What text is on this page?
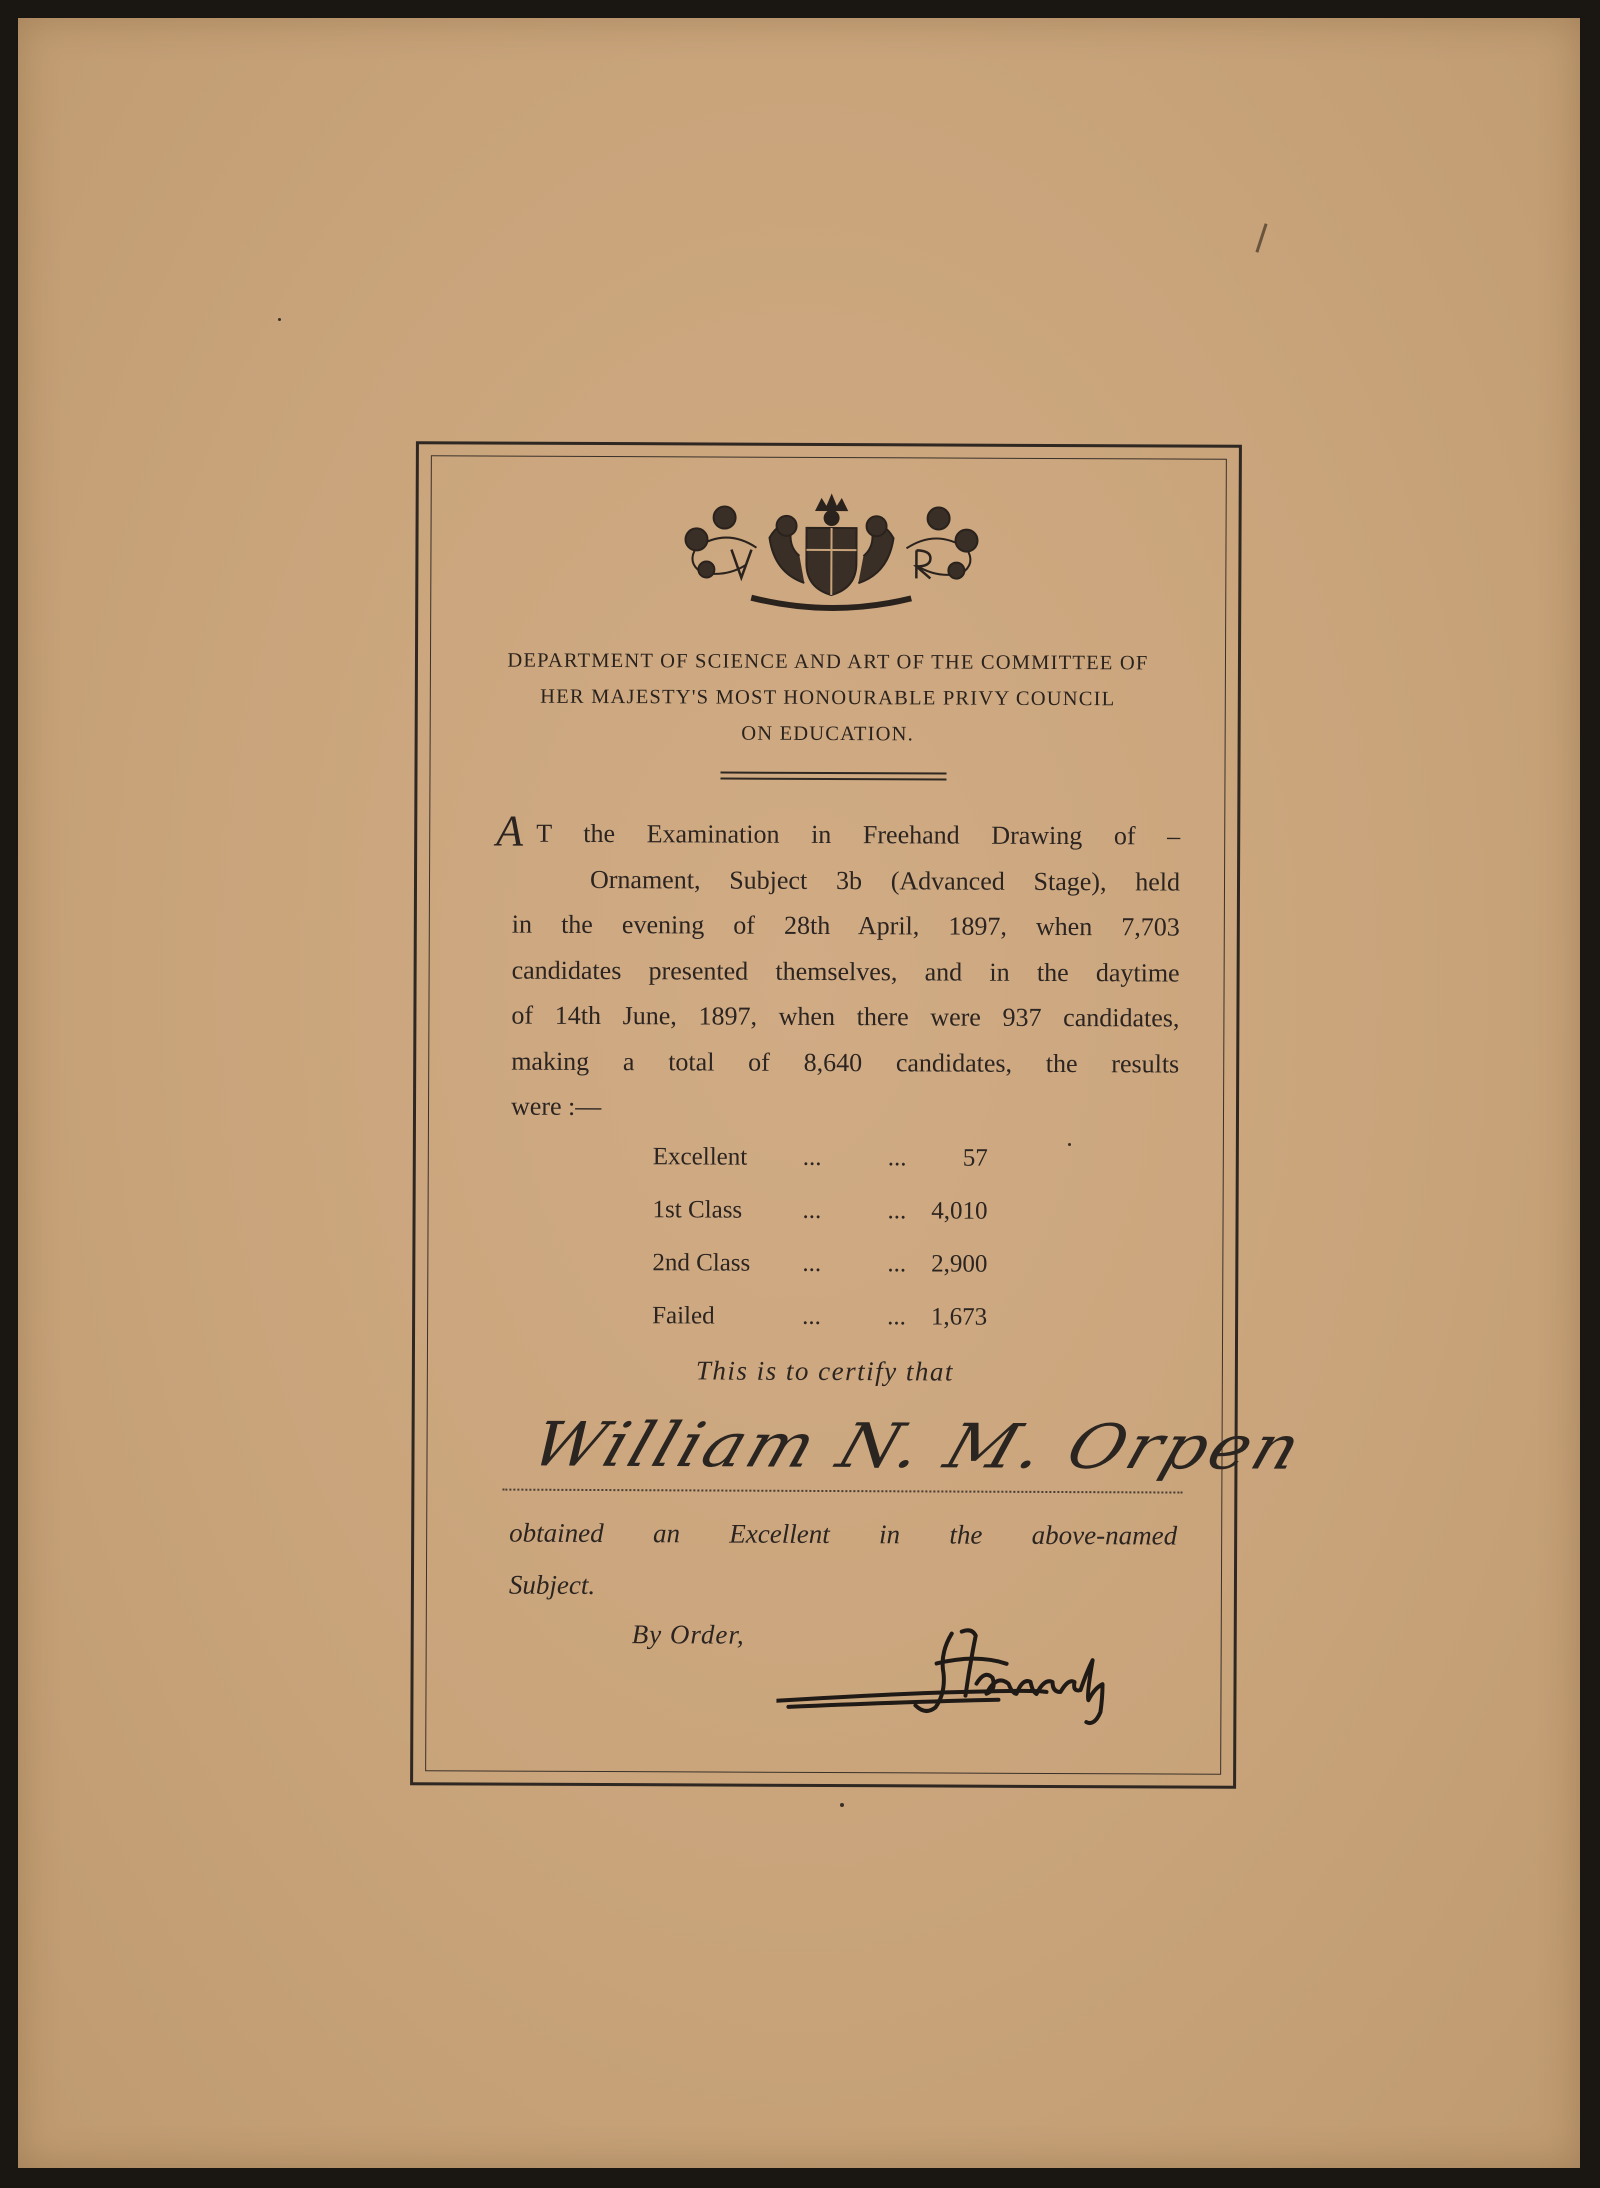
DEPARTMENT OF SCIENCE AND ART OF THE COMMITTEE OF
HER MAJESTY'S MOST HONOURABLE PRIVY COUNCIL
ON EDUCATION.
A T the Examination in Freehand Drawing of –
Ornament, Subject 3b (Advanced Stage), held
in the evening of 28th April, 1897, when 7,703
candidates presented themselves, and in the daytime
of 14th June, 1897, when there were 937 candidates,
making a total of 8,640 candidates, the results
were :—
Excellent ...	... 57
1st Class ...	... 4,010
2nd Class ...	... 2,900
Failed	...	... 1,673
This is to certify that
William N. M. Orpen
obtained an Excellent in the above-named
Subject.
By Order,
